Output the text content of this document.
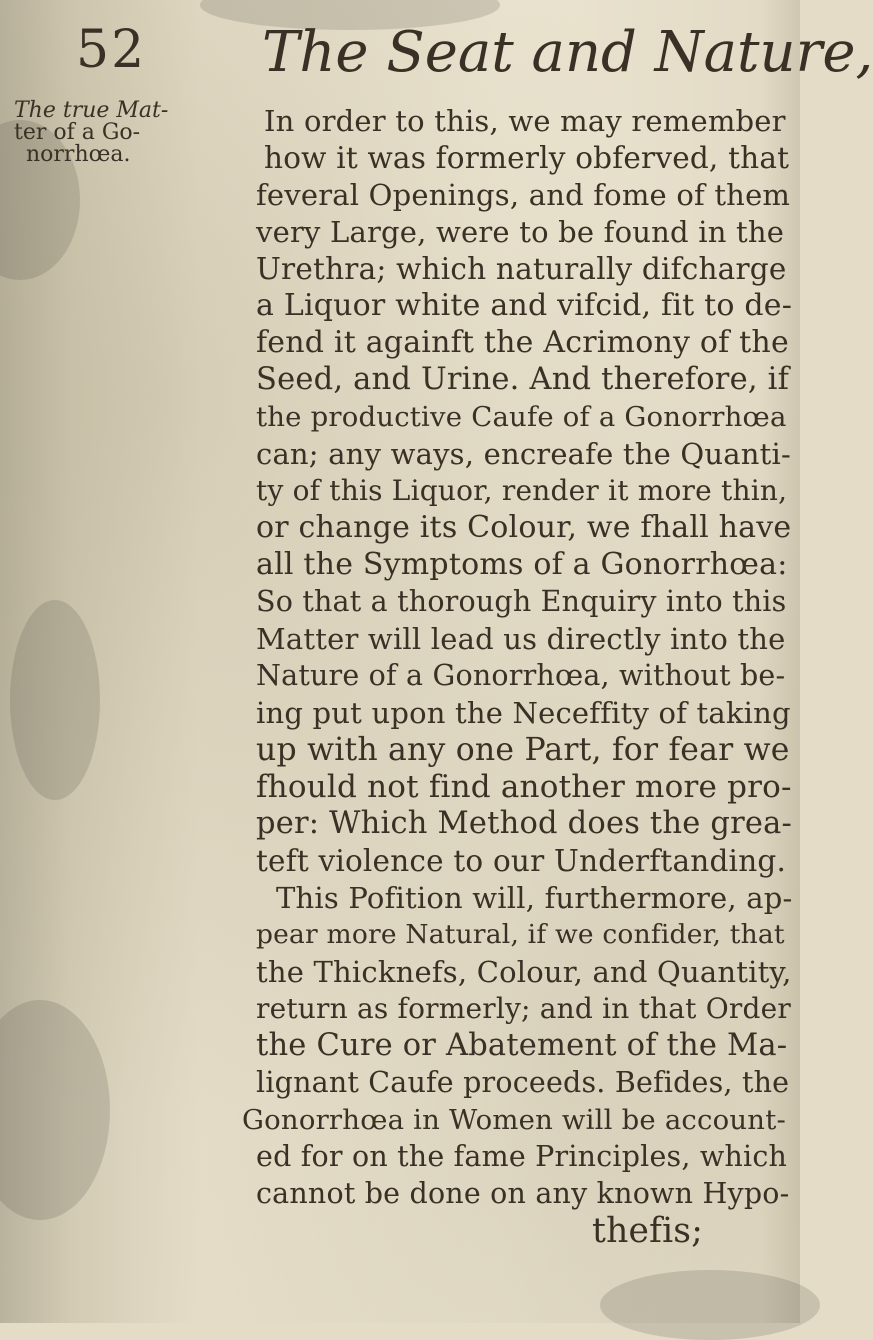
52 The Seat and Nature,
The true Mat-
ter of a Go-
norrhœa.
In order to this, we may remember
how it was formerly obferved, that
feveral Openings, and fome of them
very Large, were to be found in the
Urethra; which naturally difcharge
a Liquor white and vifcid, fit to de-
fend it againft the Acrimony of the
Seed, and Urine. And therefore, if
the productive Caufe of a Gonorrhœa
can; any ways, encreafe the Quanti-
ty of this Liquor, render it more thin,
or change its Colour, we fhall have
all the Symptoms of a Gonorrhœa:
So that a thorough Enquiry into this
Matter will lead us directly into the
Nature of a Gonorrhœa, without be-
ing put upon the Neceffity of taking
up with any one Part, for fear we
fhould not find another more pro-
per: Which Method does the grea-
teft violence to our Underftanding.
This Pofition will, furthermore, ap-
pear more Natural, if we confider, that
the Thicknefs, Colour, and Quantity,
return as formerly; and in that Order
the Cure or Abatement of the Ma-
lignant Caufe proceeds. Befides, the
Gonorrhœa in Women will be account-
ed for on the fame Principles, which
cannot be done on any known Hypo-
thefis;
